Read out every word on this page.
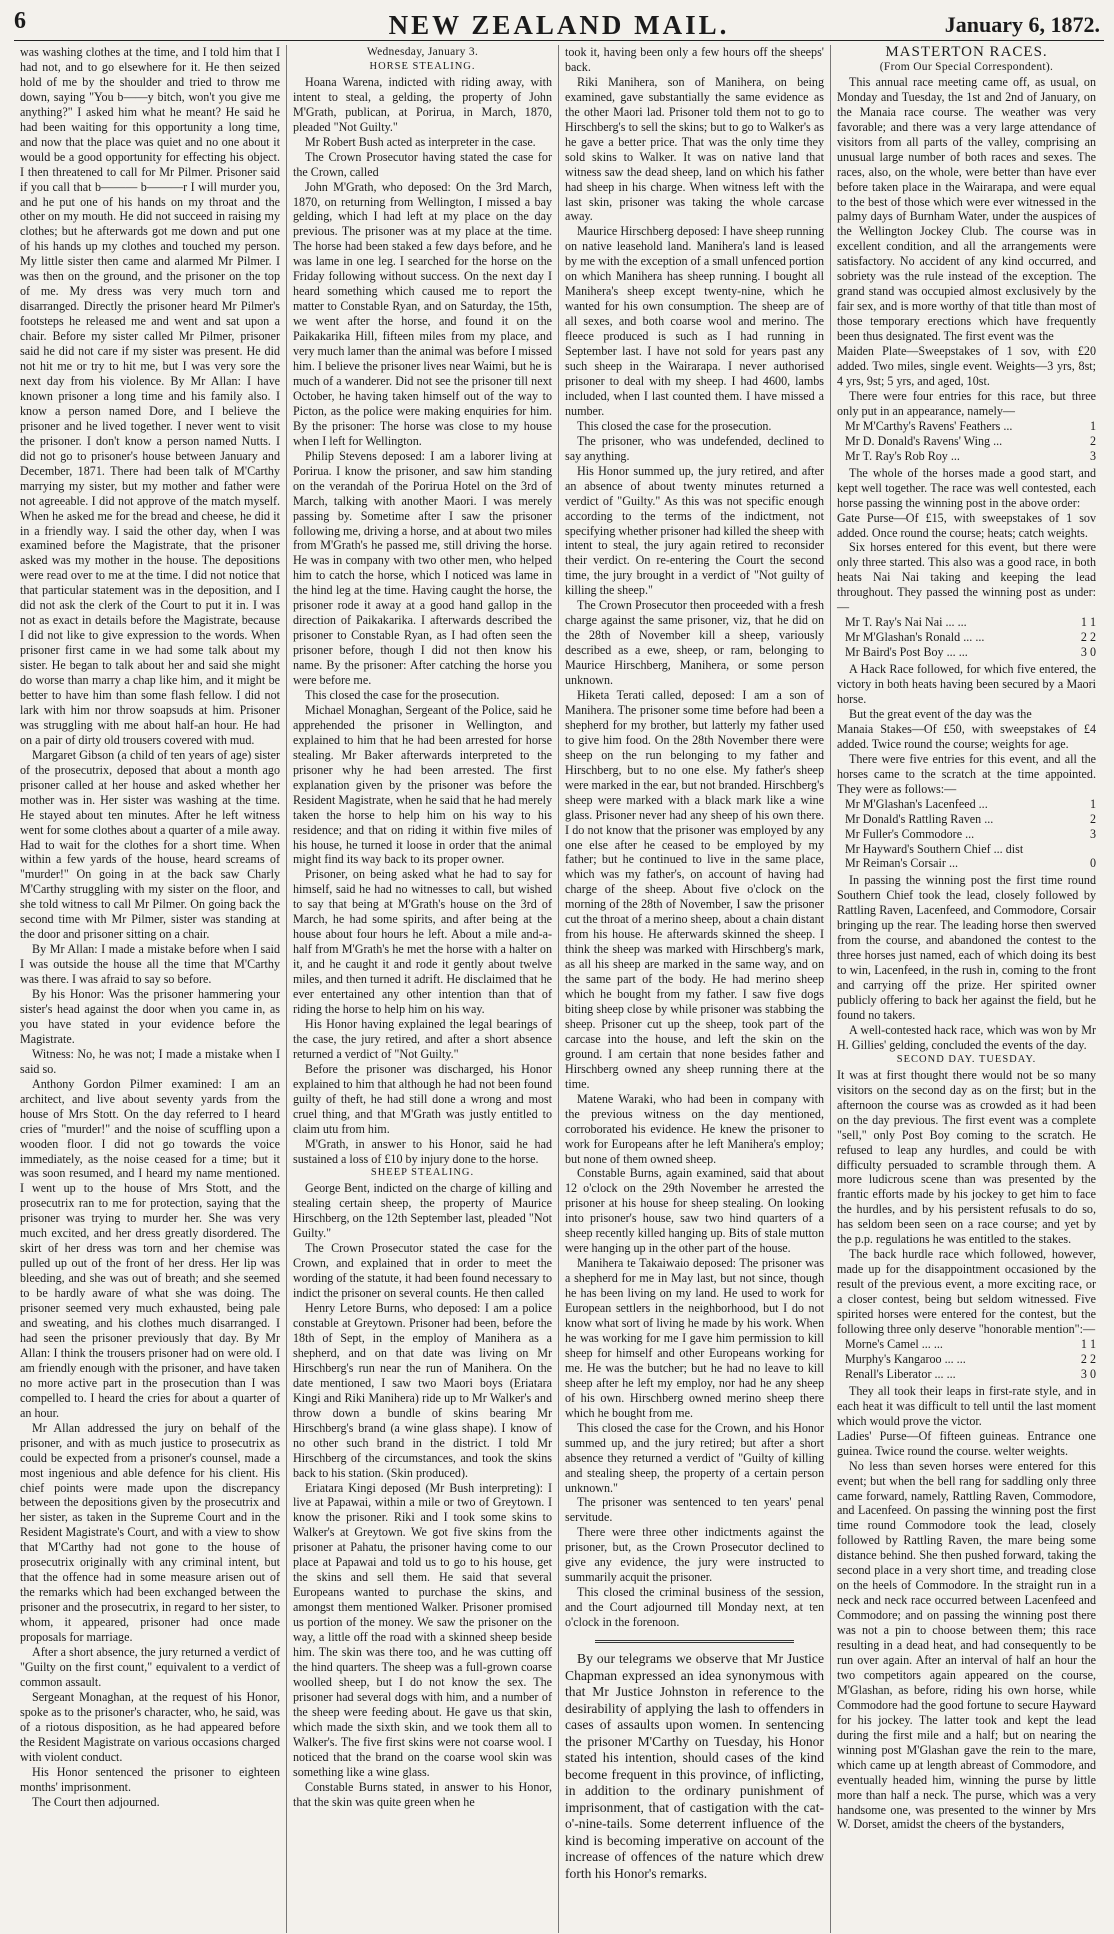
6	NEW ZEALAND MAIL.	January 6, 1872.

was washing clothes at the time, and I told him that I had not, and to go elsewhere for it. He then seized hold of me by the shoulder and tried to throw me down, saying "You b——y bitch, won't you give me anything?" I asked him what he meant? He said he had been waiting for this opportunity a long time, and now that the place was quiet and no one about it would be a good opportunity for effecting his object. I then threatened to call for Mr Pilmer. Prisoner said if you call that b——— b———r I will murder you, and he put one of his hands on my throat and the other on my mouth. He did not succeed in raising my clothes; but he afterwards got me down and put one of his hands up my clothes and touched my person. My little sister then came and alarmed Mr Pilmer. I was then on the ground, and the prisoner on the top of me. My dress was very much torn and disarranged. Directly the prisoner heard Mr Pilmer's footsteps he released me and went and sat upon a chair. Before my sister called Mr Pilmer, prisoner said he did not care if my sister was present. He did not hit me or try to hit me, but I was very sore the next day from his violence. By Mr Allan: I have known prisoner a long time and his family also. I know a person named Dore, and I believe the prisoner and he lived together. I never went to visit the prisoner. I don't know a person named Nutts. I did not go to prisoner's house between January and December, 1871. There had been talk of M'Carthy marrying my sister, but my mother and father were not agreeable. I did not approve of the match myself. When he asked me for the bread and cheese, he did it in a friendly way. I said the other day, when I was examined before the Magistrate, that the prisoner asked was my mother in the house. The depositions were read over to me at the time. I did not notice that that particular statement was in the deposition, and I did not ask the clerk of the Court to put it in. I was not as exact in details before the Magistrate, because I did not like to give expression to the words. When prisoner first came in we had some talk about my sister. He began to talk about her and said she might do worse than marry a chap like him, and it might be better to have him than some flash fellow. I did not lark with him nor throw soapsuds at him. Prisoner was struggling with me about half-an hour. He had on a pair of dirty old trousers covered with mud.

Margaret Gibson (a child of ten years of age) sister of the prosecutrix, deposed that about a month ago prisoner called at her house and asked whether her mother was in. Her sister was washing at the time. He stayed about ten minutes. After he left witness went for some clothes about a quarter of a mile away. Had to wait for the clothes for a short time. When within a few yards of the house, heard screams of "murder!" On going in at the back saw Charly M'Carthy struggling with my sister on the floor, and she told witness to call Mr Pilmer. On going back the second time with Mr Pilmer, sister was standing at the door and prisoner sitting on a chair.

By Mr Allan: I made a mistake before when I said I was outside the house all the time that M'Carthy was there. I was afraid to say so before.

By his Honor: Was the prisoner hammering your sister's head against the door when you came in, as you have stated in your evidence before the Magistrate.

Witness: No, he was not; I made a mistake when I said so.

Anthony Gordon Pilmer examined: I am an architect, and live about seventy yards from the house of Mrs Stott. On the day referred to I heard cries of "murder!" and the noise of scuffling upon a wooden floor. I did not go towards the voice immediately, as the noise ceased for a time; but it was soon resumed, and I heard my name mentioned. I went up to the house of Mrs Stott, and the prosecutrix ran to me for protection, saying that the prisoner was trying to murder her. She was very much excited, and her dress greatly disordered. The skirt of her dress was torn and her chemise was pulled up out of the front of her dress. Her lip was bleeding, and she was out of breath; and she seemed to be hardly aware of what she was doing. The prisoner seemed very much exhausted, being pale and sweating, and his clothes much disarranged. I had seen the prisoner previously that day. By Mr Allan: I think the trousers prisoner had on were old. I am friendly enough with the prisoner, and have taken no more active part in the prosecution than I was compelled to. I heard the cries for about a quarter of an hour.

Mr Allan addressed the jury on behalf of the prisoner, and with as much justice to prosecutrix as could be expected from a prisoner's counsel, made a most ingenious and able defence for his client. His chief points were made upon the discrepancy between the depositions given by the prosecutrix and her sister, as taken in the Supreme Court and in the Resident Magistrate's Court, and with a view to show that M'Carthy had not gone to the house of prosecutrix originally with any criminal intent, but that the offence had in some measure arisen out of the remarks which had been exchanged between the prisoner and the prosecutrix, in regard to her sister, to whom, it appeared, prisoner had once made proposals for marriage.

After a short absence, the jury returned a verdict of "Guilty on the first count," equivalent to a verdict of common assault.

Sergeant Monaghan, at the request of his Honor, spoke as to the prisoner's character, who, he said, was of a riotous disposition, as he had appeared before the Resident Magistrate on various occasions charged with violent conduct.

His Honor sentenced the prisoner to eighteen months' imprisonment.

The Court then adjourned.

Wednesday, January 3.

HORSE STEALING.

Hoana Warena, indicted with riding away, with intent to steal, a gelding, the property of John M'Grath, publican, at Porirua, in March, 1870, pleaded "Not Guilty."

Mr Robert Bush acted as interpreter in the case.

The Crown Prosecutor having stated the case for the Crown, called

John M'Grath, who deposed: On the 3rd March, 1870, on returning from Wellington, I missed a bay gelding, which I had left at my place on the day previous. The prisoner was at my place at the time. The horse had been staked a few days before, and he was lame in one leg. I searched for the horse on the Friday following without success. On the next day I heard something which caused me to report the matter to Constable Ryan, and on Saturday, the 15th, we went after the horse, and found it on the Paikakarika Hill, fifteen miles from my place, and very much lamer than the animal was before I missed him. I believe the prisoner lives near Waimi, but he is much of a wanderer. Did not see the prisoner till next October, he having taken himself out of the way to Picton, as the police were making enquiries for him. By the prisoner: The horse was close to my house when I left for Wellington.

Philip Stevens deposed: I am a laborer living at Porirua. I know the prisoner, and saw him standing on the verandah of the Porirua Hotel on the 3rd of March, talking with another Maori. I was merely passing by. Sometime after I saw the prisoner following me, driving a horse, and at about two miles from M'Grath's he passed me, still driving the horse. He was in company with two other men, who helped him to catch the horse, which I noticed was lame in the hind leg at the time. Having caught the horse, the prisoner rode it away at a good hand gallop in the direction of Paikakarika. I afterwards described the prisoner to Constable Ryan, as I had often seen the prisoner before, though I did not then know his name. By the prisoner: After catching the horse you were before me.

This closed the case for the prosecution.

Michael Monaghan, Sergeant of the Police, said he apprehended the prisoner in Wellington, and explained to him that he had been arrested for horse stealing. Mr Baker afterwards interpreted to the prisoner why he had been arrested. The first explanation given by the prisoner was before the Resident Magistrate, when he said that he had merely taken the horse to help him on his way to his residence; and that on riding it within five miles of his house, he turned it loose in order that the animal might find its way back to its proper owner.

Prisoner, on being asked what he had to say for himself, said he had no witnesses to call, but wished to say that being at M'Grath's house on the 3rd of March, he had some spirits, and after being at the house about four hours he left. About a mile and-a-half from M'Grath's he met the horse with a halter on it, and he caught it and rode it gently about twelve miles, and then turned it adrift. He disclaimed that he ever entertained any other intention than that of riding the horse to help him on his way.

His Honor having explained the legal bearings of the case, the jury retired, and after a short absence returned a verdict of "Not Guilty."

Before the prisoner was discharged, his Honor explained to him that although he had not been found guilty of theft, he had still done a wrong and most cruel thing, and that M'Grath was justly entitled to claim utu from him.

M'Grath, in answer to his Honor, said he had sustained a loss of £10 by injury done to the horse.

SHEEP STEALING.

George Bent, indicted on the charge of killing and stealing certain sheep, the property of Maurice Hirschberg, on the 12th September last, pleaded "Not Guilty."

The Crown Prosecutor stated the case for the Crown, and explained that in order to meet the wording of the statute, it had been found necessary to indict the prisoner on several counts. He then called

Henry Letore Burns, who deposed: I am a police constable at Greytown. Prisoner had been, before the 18th of Sept, in the employ of Manihera as a shepherd, and on that date was living on Mr Hirschberg's run near the run of Manihera. On the date mentioned, I saw two Maori boys (Eriatara Kingi and Riki Manihera) ride up to Mr Walker's and throw down a bundle of skins bearing Mr Hirschberg's brand (a wine glass shape). I know of no other such brand in the district. I told Mr Hirschberg of the circumstances, and took the skins back to his station. (Skin produced).

Eriatara Kingi deposed (Mr Bush interpreting): I live at Papawai, within a mile or two of Greytown. I know the prisoner. Riki and I took some skins to Walker's at Greytown. We got five skins from the prisoner at Pahatu, the prisoner having come to our place at Papawai and told us to go to his house, get the skins and sell them. He said that several Europeans wanted to purchase the skins, and amongst them mentioned Walker. Prisoner promised us portion of the money. We saw the prisoner on the way, a little off the road with a skinned sheep beside him. The skin was there too, and he was cutting off the hind quarters. The sheep was a full-grown coarse woolled sheep, but I do not know the sex. The prisoner had several dogs with him, and a number of the sheep were feeding about. He gave us that skin, which made the sixth skin, and we took them all to Walker's. The five first skins were not coarse wool. I noticed that the brand on the coarse wool skin was something like a wine glass.

Constable Burns stated, in answer to his Honor, that the skin was quite green when he

took it, having been only a few hours off the sheeps' back.

Riki Manihera, son of Manihera, on being examined, gave substantially the same evidence as the other Maori lad. Prisoner told them not to go to Hirschberg's to sell the skins; but to go to Walker's as he gave a better price. That was the only time they sold skins to Walker. It was on native land that witness saw the dead sheep, land on which his father had sheep in his charge. When witness left with the last skin, prisoner was taking the whole carcase away.

Maurice Hirschberg deposed: I have sheep running on native leasehold land. Manihera's land is leased by me with the exception of a small unfenced portion on which Manihera has sheep running. I bought all Manihera's sheep except twenty-nine, which he wanted for his own consumption. The sheep are of all sexes, and both coarse wool and merino. The fleece produced is such as I had running in September last. I have not sold for years past any such sheep in the Wairarapa. I never authorised prisoner to deal with my sheep. I had 4600, lambs included, when I last counted them. I have missed a number.

This closed the case for the prosecution.

The prisoner, who was undefended, declined to say anything.

His Honor summed up, the jury retired, and after an absence of about twenty minutes returned a verdict of "Guilty." As this was not specific enough according to the terms of the indictment, not specifying whether prisoner had killed the sheep with intent to steal, the jury again retired to reconsider their verdict. On re-entering the Court the second time, the jury brought in a verdict of "Not guilty of killing the sheep."

The Crown Prosecutor then proceeded with a fresh charge against the same prisoner, viz, that he did on the 28th of November kill a sheep, variously described as a ewe, sheep, or ram, belonging to Maurice Hirschberg, Manihera, or some person unknown.

Hiketa Terati called, deposed: I am a son of Manihera. The prisoner some time before had been a shepherd for my brother, but latterly my father used to give him food. On the 28th November there were sheep on the run belonging to my father and Hirschberg, but to no one else. My father's sheep were marked in the ear, but not branded. Hirschberg's sheep were marked with a black mark like a wine glass. Prisoner never had any sheep of his own there. I do not know that the prisoner was employed by any one else after he ceased to be employed by my father; but he continued to live in the same place, which was my father's, on account of having had charge of the sheep. About five o'clock on the morning of the 28th of November, I saw the prisoner cut the throat of a merino sheep, about a chain distant from his house. He afterwards skinned the sheep. I think the sheep was marked with Hirschberg's mark, as all his sheep are marked in the same way, and on the same part of the body. He had merino sheep which he bought from my father. I saw five dogs biting sheep close by while prisoner was stabbing the sheep. Prisoner cut up the sheep, took part of the carcase into the house, and left the skin on the ground. I am certain that none besides father and Hirschberg owned any sheep running there at the time.

Matene Waraki, who had been in company with the previous witness on the day mentioned, corroborated his evidence. He knew the prisoner to work for Europeans after he left Manihera's employ; but none of them owned sheep.

Constable Burns, again examined, said that about 12 o'clock on the 29th November he arrested the prisoner at his house for sheep stealing. On looking into prisoner's house, saw two hind quarters of a sheep recently killed hanging up. Bits of stale mutton were hanging up in the other part of the house.

Manihera te Takaiwaio deposed: The prisoner was a shepherd for me in May last, but not since, though he has been living on my land. He used to work for European settlers in the neighborhood, but I do not know what sort of living he made by his work. When he was working for me I gave him permission to kill sheep for himself and other Europeans working for me. He was the butcher; but he had no leave to kill sheep after he left my employ, nor had he any sheep of his own. Hirschberg owned merino sheep there which he bought from me.

This closed the case for the Crown, and his Honor summed up, and the jury retired; but after a short absence they returned a verdict of "Guilty of killing and stealing sheep, the property of a certain person unknown."

The prisoner was sentenced to ten years' penal servitude.

There were three other indictments against the prisoner, but, as the Crown Prosecutor declined to give any evidence, the jury were instructed to summarily acquit the prisoner.

This closed the criminal business of the session, and the Court adjourned till Monday next, at ten o'clock in the forenoon.

By our telegrams we observe that Mr Justice Chapman expressed an idea synonymous with that Mr Justice Johnston in reference to the desirability of applying the lash to offenders in cases of assaults upon women. In sentencing the prisoner M'Carthy on Tuesday, his Honor stated his intention, should cases of the kind become frequent in this province, of inflicting, in addition to the ordinary punishment of imprisonment, that of castigation with the cat-o'-nine-tails. Some deterrent influence of the kind is becoming imperative on account of the increase of offences of the nature which drew forth his Honor's remarks.

MASTERTON RACES.

(From Our Special Correspondent).

This annual race meeting came off, as usual, on Monday and Tuesday, the 1st and 2nd of January, on the Manaia race course. The weather was very favorable; and there was a very large attendance of visitors from all parts of the valley, comprising an unusual large number of both races and sexes. The races, also, on the whole, were better than have ever before taken place in the Wairarapa, and were equal to the best of those which were ever witnessed in the palmy days of Burnham Water, under the auspices of the Wellington Jockey Club. The course was in excellent condition, and all the arrangements were satisfactory. No accident of any kind occurred, and sobriety was the rule instead of the exception. The grand stand was occupied almost exclusively by the fair sex, and is more worthy of that title than most of those temporary erections which have frequently been thus designated. The first event was the

Maiden Plate—Sweepstakes of 1 sov, with £20 added. Two miles, single event. Weights—3 yrs, 8st; 4 yrs, 9st; 5 yrs, and aged, 10st.

There were four entries for this race, but three only put in an appearance, namely—

Mr M'Carthy's Ravens' Feathers ...	1
Mr D. Donald's Ravens' Wing ...	2
Mr T. Ray's Rob Roy ...	3

The whole of the horses made a good start, and kept well together. The race was well contested, each horse passing the winning post in the above order:

Gate Purse—Of £15, with sweepstakes of 1 sov added. Once round the course; heats; catch weights.

Six horses entered for this event, but there were only three started. This also was a good race, in both heats Nai Nai taking and keeping the lead throughout. They passed the winning post as under:—

Mr T. Ray's Nai Nai ... ...	1 1
Mr M'Glashan's Ronald ... ...	2 2
Mr Baird's Post Boy ... ...	3 0

A Hack Race followed, for which five entered, the victory in both heats having been secured by a Maori horse.

But the great event of the day was the

Manaia Stakes—Of £50, with sweepstakes of £4 added. Twice round the course; weights for age.

There were five entries for this event, and all the horses came to the scratch at the time appointed. They were as follows:—

Mr M'Glashan's Lacenfeed ...	1
Mr Donald's Rattling Raven ...	2
Mr Fuller's Commodore ...	3
Mr Hayward's Southern Chief ... dist
Mr Reiman's Corsair ...	0

In passing the winning post the first time round Southern Chief took the lead, closely followed by Rattling Raven, Lacenfeed, and Commodore, Corsair bringing up the rear. The leading horse then swerved from the course, and abandoned the contest to the three horses just named, each of which doing its best to win, Lacenfeed, in the rush in, coming to the front and carrying off the prize. Her spirited owner publicly offering to back her against the field, but he found no takers.

A well-contested hack race, which was won by Mr H. Gillies' gelding, concluded the events of the day.

SECOND DAY. TUESDAY.

It was at first thought there would not be so many visitors on the second day as on the first; but in the afternoon the course was as crowded as it had been on the day previous. The first event was a complete "sell," only Post Boy coming to the scratch. He refused to leap any hurdles, and could be with difficulty persuaded to scramble through them. A more ludicrous scene than was presented by the frantic efforts made by his jockey to get him to face the hurdles, and by his persistent refusals to do so, has seldom been seen on a race course; and yet by the p.p. regulations he was entitled to the stakes.

The back hurdle race which followed, however, made up for the disappointment occasioned by the result of the previous event, a more exciting race, or a closer contest, being but seldom witnessed. Five spirited horses were entered for the contest, but the following three only deserve "honorable mention":—

Morne's Camel ... ...	1 1
Murphy's Kangaroo ... ...	2 2
Renall's Liberator ... ...	3 0

They all took their leaps in first-rate style, and in each heat it was difficult to tell until the last moment which would prove the victor.

Ladies' Purse—Of fifteen guineas. Entrance one guinea. Twice round the course. welter weights.

No less than seven horses were entered for this event; but when the bell rang for saddling only three came forward, namely, Rattling Raven, Commodore, and Lacenfeed. On passing the winning post the first time round Commodore took the lead, closely followed by Rattling Raven, the mare being some distance behind. She then pushed forward, taking the second place in a very short time, and treading close on the heels of Commodore. In the straight run in a neck and neck race occurred between Lacenfeed and Commodore; and on passing the winning post there was not a pin to choose between them; this race resulting in a dead heat, and had consequently to be run over again. After an interval of half an hour the two competitors again appeared on the course, M'Glashan, as before, riding his own horse, while Commodore had the good fortune to secure Hayward for his jockey. The latter took and kept the lead during the first mile and a half; but on nearing the winning post M'Glashan gave the rein to the mare, which came up at length abreast of Commodore, and eventually headed him, winning the purse by little more than half a neck. The purse, which was a very handsome one, was presented to the winner by Mrs W. Dorset, amidst the cheers of the bystanders,
